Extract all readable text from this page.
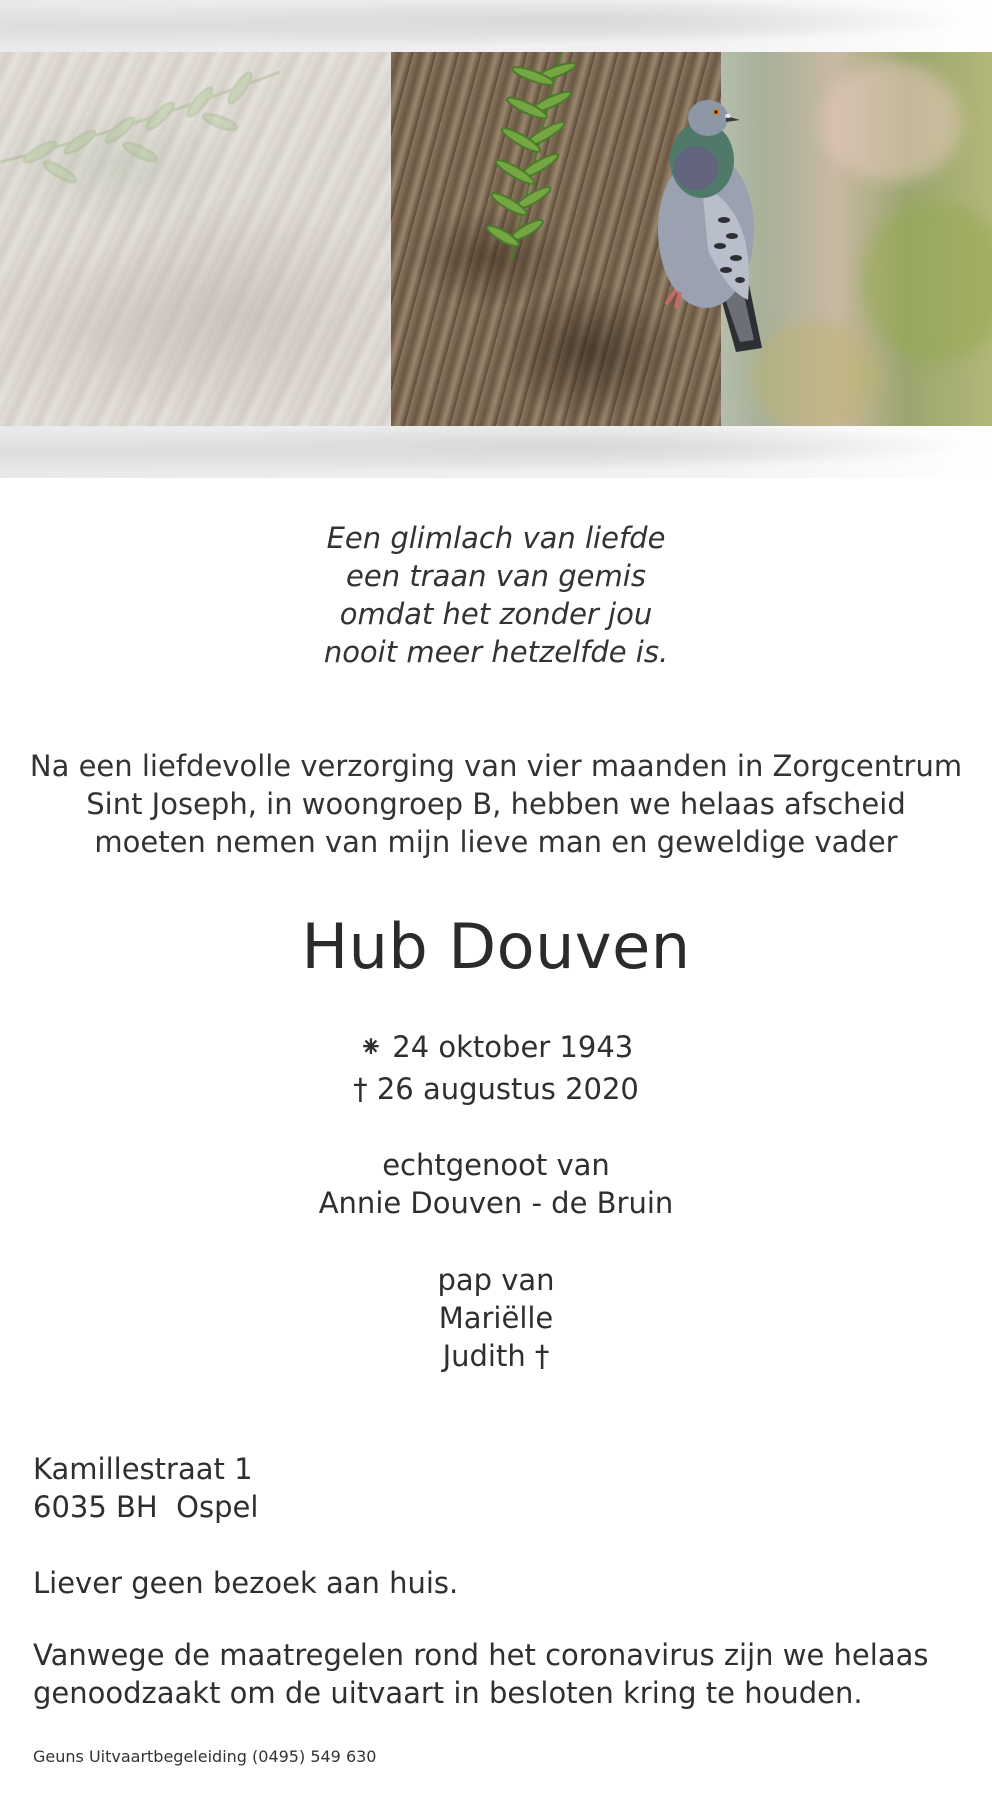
Een glimlach van liefde
een traan van gemis
omdat het zonder jou
nooit meer hetzelfde is.
Na een liefdevolle verzorging van vier maanden in Zorgcentrum
Sint Joseph, in woongroep B, hebben we helaas afscheid
moeten nemen van mijn lieve man en geweldige vader
Hub Douven
⁕ 24 oktober 1943
† 26 augustus 2020
echtgenoot van
Annie Douven - de Bruin
pap van
Mariëlle
Judith †
Kamillestraat 1
6035 BH  Ospel
Liever geen bezoek aan huis.
Vanwege de maatregelen rond het coronavirus zijn we helaas
genoodzaakt om de uitvaart in besloten kring te houden.
Geuns Uitvaartbegeleiding (0495) 549 630
